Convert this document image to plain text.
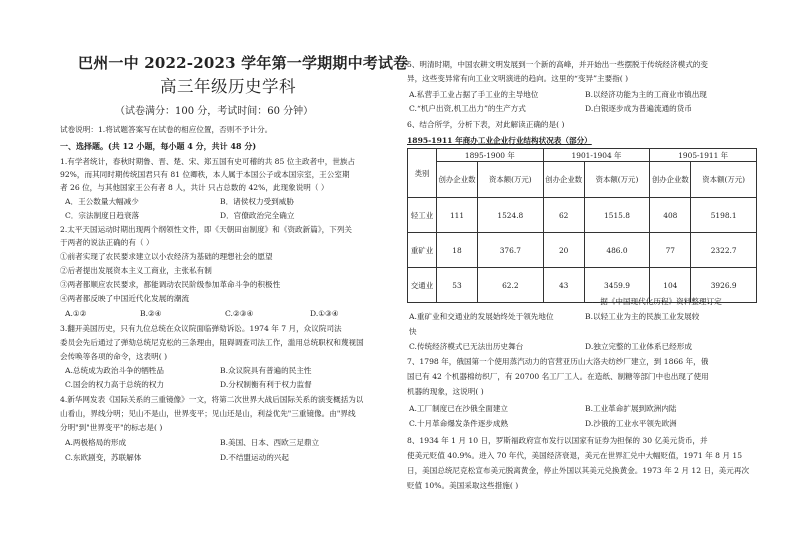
巴州一中 2022-2023 学年第一学期期中考试卷
高三年级历史学科
（试卷满分：100 分，考试时间：60 分钟）
试卷说明：1.将试题答案写在试卷的相应位置，否则不予计分。
一、选择题。(共 12 小题，每小题 4 分，共计 48 分)
1.有学者统计，春秋时期鲁、晋、楚、宋、郑五国有史可稽的共 85 位主政者中，世族占
92%，而其同时期传统国君只有 81 位卿秩，本人属于本国公子或本国宗室，王公室期
者 26 位，与其他国家王公有者 8 人，共计 只占总数的 42%，此现象说明（ ）
A．王公数量大幅减少	B．诸侯权力受到威胁
C．宗法制度日趋衰落	D．官僚政治完全确立
2.太平天国运动时期出现两个纲领性文件，即《天朝田亩制度》和《资政新篇》，下列关
于两者的说法正确的有（ ）
①前者实现了农民要求建立以小农经济为基础的理想社会的愿望
②后者提出发展资本主义工商业，主张私有制
③两者都顺应农民要求，都能调动农民阶级参加革命斗争的积极性
④两者都反映了中国近代化发展的潮流
A.①②	B.②④	C.②③④	D.①③④
3.翻开美国历史，只有九位总统在众议院面临弹劾诉讼。1974 年 7 月，众议院司法
委员会先后通过了弹劾总统尼克松的三条理由，阻碍调查司法工作，滥用总统职权和蔑视国
会传唤等各项的命令，这表明( )
A.总统成为政治斗争的牺牲品	B.众议院具有普遍的民主性
C.国会的权力高于总统的权力	D.分权制衡有利于权力监督
4.新华网发表《国际关系的三重镜像》一文，将第二次世界大战后国际关系的演变概括为以
山看山，界线分明；见山不是山，世界变平；见山还是山，利益优先"三重镜像。由"界线
分明"到"世界变平"的标志是( )
A.两极格局的形成	B.美国、日本、西欧三足鼎立
C.东欧剧变，苏联解体	D.不结盟运动的兴起
5、明清时期，中国农耕文明发展到一个新的高峰，并开始出一些摆脱于传统经济模式的变
异，这些变异常有向工业文明演进的趋向。这里的“变异”主要指( )
A.私营手工业占据了手工业的主导地位	B.以经济功能为主的工商业市镇出现
C.“机户出资,机工出力”的生产方式	D.白银逐步成为普遍流通的货币
6、结合所学，分析下表，对此解读正确的是( )
1895-1911 年商办工业企业行业结构状况表（部分）
类别	1895-1900 年		1901-1904 年		1905-1911 年	
	创办企业数	资本额(万元)	创办企业数	资本额(万元)	创办企业数	资本额(万元)
轻工业	111	1524.8	62	1515.8	408	5198.1
重矿业	18	376.7	20	486.0	77	2322.7
交通业	53	62.2	43	3459.9	104	3926.9
——据《中国现代化历程》资料整理订定
A.重矿业和交通业的发展始终处于领先地位	B.以轻工业为主的民族工业发展较
快
C.传统经济模式已无法出历史舞台	D.独立完整的工业体系已经形成
7、1798 年，俄国第一个使用蒸汽动力的官营亚历山大洛夫纺纱厂建立，到 1866 年，俄
国已有 42 个机器棉纺织厂，有 20700 名工厂工人。在造纸、制糖等部门中也出现了使用
机器的现象，这说明( )
A.工厂制度已在沙俄全面建立	B.工业革命扩展到欧洲内陆
C.十月革命爆发条件逐步成熟	D.沙俄的工业水平领先欧洲
8、1934 年 1 月 10 日，罗斯福政府宣布发行以国家有证券为担保的 30 亿美元货币，并
使美元贬值 40.9%。进入 70 年代，美国经济衰退，美元在世界汇兑中大幅贬值，1971 年 8 月 15
日，美国总统尼克松宣布美元脱离黄金，停止外国以其美元兑换黄金。1973 年 2 月 12 日，美元再次
贬值 10%。美国采取这些措施( )
